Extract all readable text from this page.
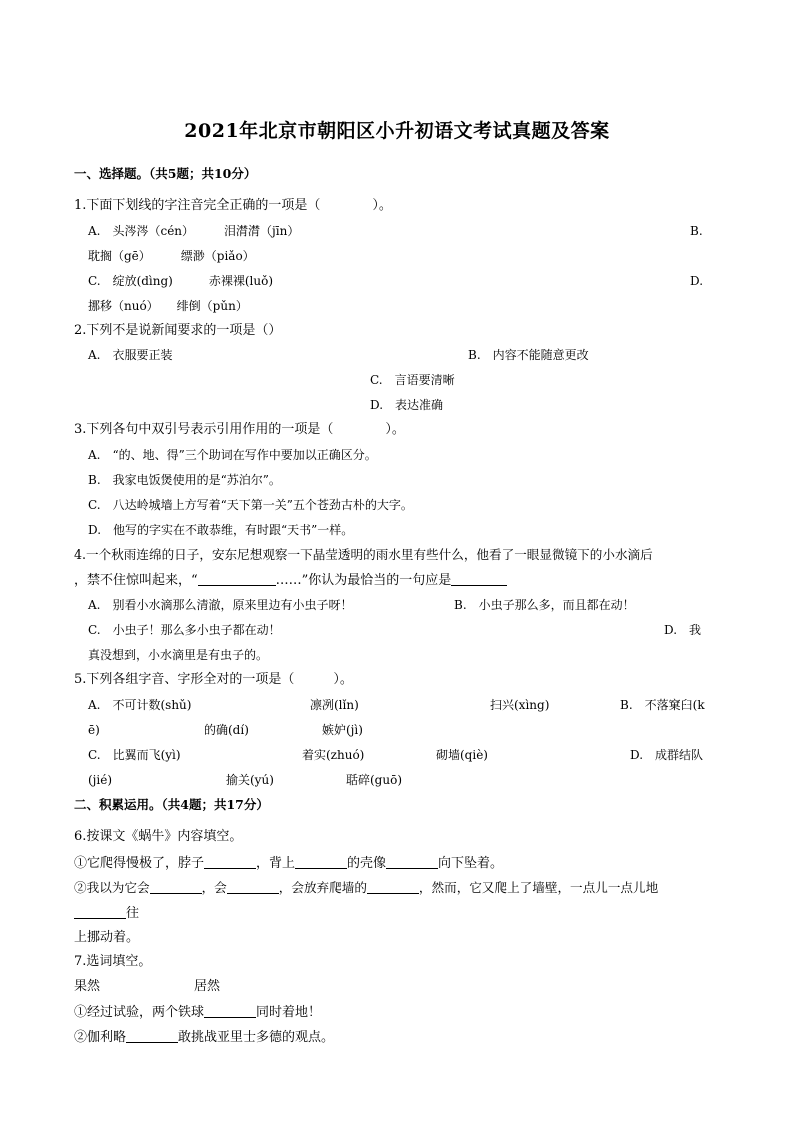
2021年北京市朝阳区小升初语文考试真题及答案
一、选择题。（共5题；共10分）
1.下面下划线的字注音完全正确的一项是（　　　　）。
A.　头涔涔（cén）　　　泪潸潸（jīn）	B.
耽搁（gē）　　　缥渺（piǎo）
C.　绽放(dìng)　　　赤裸裸(luǒ)	D.
挪移（nuó）　　绯倒（pǔn）
2.下列不是说新闻要求的一项是（）
A.　衣服要正装	B.　内容不能随意更改
C.　言语要清晰
D.　表达准确
3.下列各句中双引号表示引用作用的一项是（　　　　）。
A.　“的、地、得”三个助词在写作中要加以正确区分。
B.　我家电饭煲使用的是“苏泊尔”。
C.　八达岭城墙上方写着“天下第一关”五个苍劲古朴的大字。
D.　他写的字实在不敢恭维，有时跟“天书”一样。
4.一个秋雨连绵的日子，安东尼想观察一下晶莹透明的雨水里有些什么，他看了一眼显微镜下的小水滴后
，禁不住惊叫起来，“	……”你认为最恰当的一句应是
A.　别看小水滴那么清澈，原来里边有小虫子呀！	B.　小虫子那么多，而且都在动！
C.　小虫子！那么多小虫子都在动！	D.　我
真没想到，小水滴里是有虫子的。
5.下列各组字音、字形全对的一项是（　　　）。
A.　不可计数(shǔ)	凛冽(lǐn)	扫兴(xìng)	B.　不落窠臼(k
ē)	的确(dí)	嫉妒(jì)
C.　比翼而飞(yì)	着实(zhuó)	砌墙(qiè)	D.　成群结队
(jié)	揄关(yú)	聒碎(guō)
二、积累运用。（共4题；共17分）
6.按课文《蜗牛》内容填空。
①它爬得慢极了，脖子	，背上	的壳像	向下坠着。
②我以为它会	，会	，会放弃爬墙的	，然而，它又爬上了墙壁，一点儿一点儿地
往
上挪动着。
7.选词填空。
果然	居然
①经过试验，两个铁球	同时着地！
②伽利略	敢挑战亚里士多德的观点。
